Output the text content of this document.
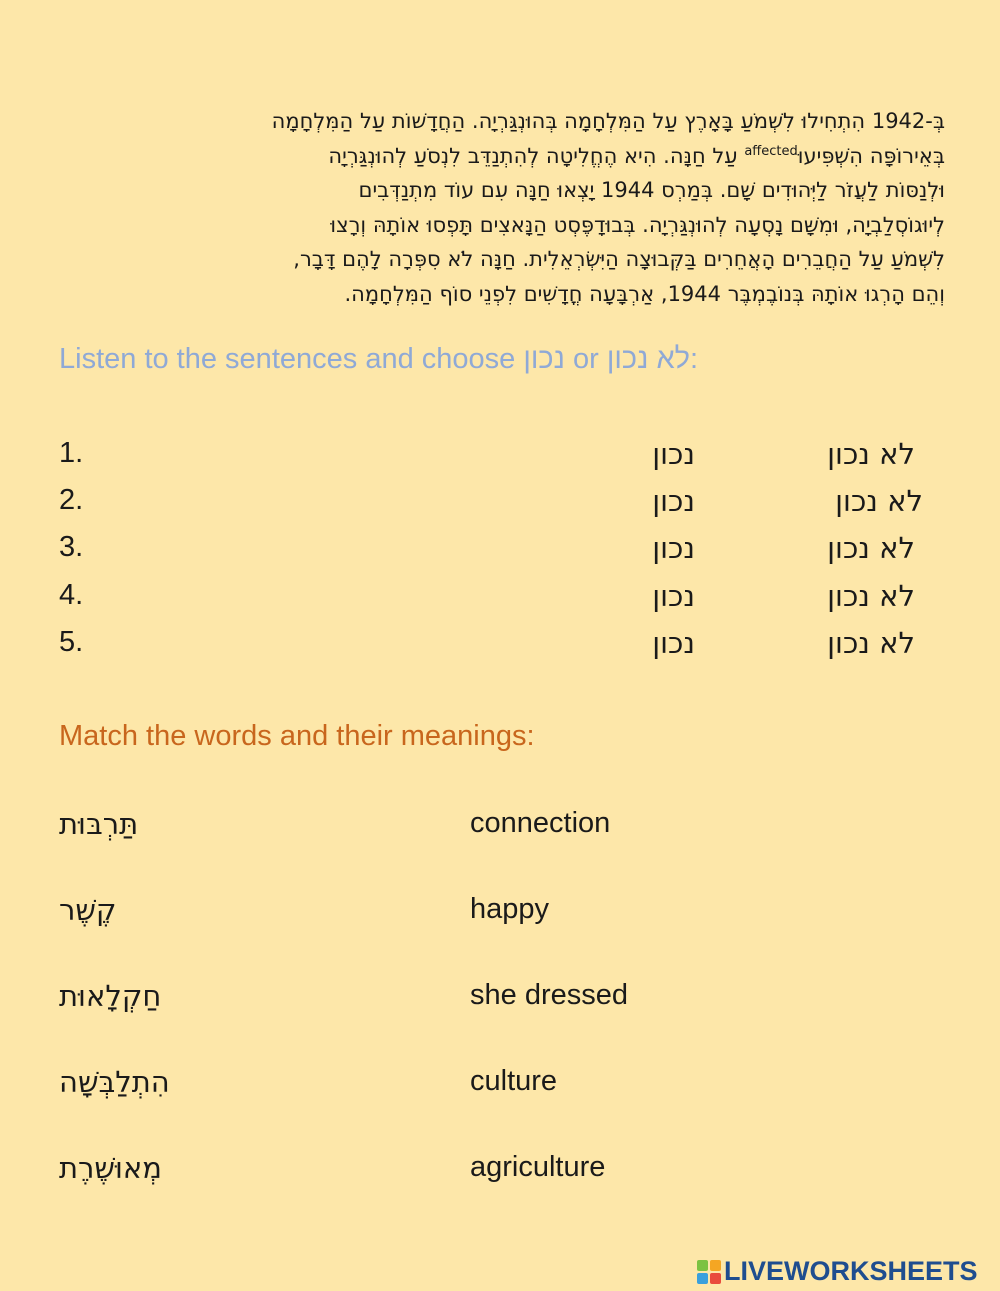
בְּ-1942 הִתְחִילוּ לִשְׁמֹעַ בָּאָרֶץ עַל הַמִּלְחָמָה בְּהוּנְגַּרְיָה. הַחֲדָשׁוֹת עַל הַמִּלְחָמָה
בְּאֵירוֹפָּה הִשְׁפִּיעוּ$^{affected}$ עַל חַנָּה. הִיא הֶחֱלִיטָה לְהִתְנַדֵּב לִנְסֹעַ לְהוּנְגַּרְיָה
וּלְנַסּוֹת לַעֲזֹר לַיְּהוּדִים שָׁם. בְּמַרְס 1944 יָצְאוּ חַנָּה עִם עוֹד מִתְנַדְּבִים
לְיוּגוֹסְלַבְיָה, וּמִשָּׁם נָסְעָה לְהוּנְגַּרְיָה. בְּבוּדָפֶּסְט הַנָּאצִים תָּפְסוּ אוֹתָהּ וְרָצוּ
לִשְׁמֹעַ עַל הַחֲבֵרִים הָאֲחֵרִים בַּקְּבוּצָה הַיִּשְׂרְאֵלִית. חַנָּה לֹא סִפְּרָה לָהֶם דָּבָר,
וְהֵם הָרְגוּ אוֹתָהּ בְּנוֹבֶמְבֶּר 1944, אַרְבָּעָה חֳדָשִׁים לִפְנֵי סוֹף הַמִּלְחָמָה.
Listen to the sentences and choose נכון or לא נכון:
1.	נכון	לא נכון
2.	נכון	לא נכון
3.	נכון	לא נכון
4.	נכון	לא נכון
5.	נכון	לא נכון
Match the words and their meanings:
תַּרְבּוּת	connection
קֶשֶׁר	happy
חַקְלָאוּת	she dressed
הִתְלַבְּשָׁה	culture
מְאוּשֶׁרֶת	agriculture
LIVEWORKSHEETS
